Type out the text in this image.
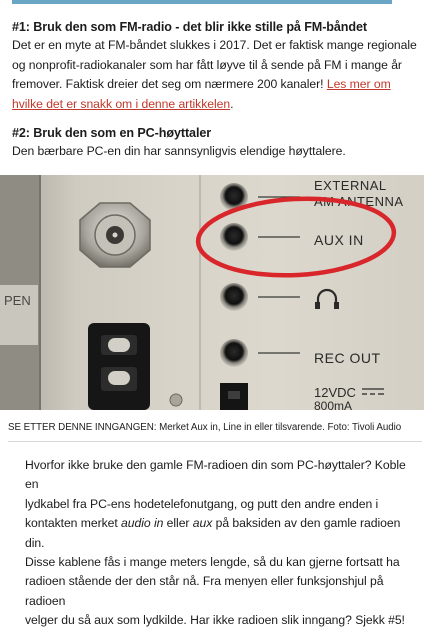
#1: Bruk den som FM-radio - det blir ikke stille på FM-båndet

Det er en myte at FM-båndet slukkes i 2017. Det er faktisk mange regionale

og nonprofit-radiokanaler som har fått løyve til å sende på FM i mange år

fremover. Faktisk dreier det seg om nærmere 200 kanaler! Les mer om

hvilke det er snakk om i denne artikkelen.

#2: Bruk den som en PC-høyttaler

Den bærbare PC-en din har sannsynligvis elendige høyttalere.

PEN
EXTERNAL
AM ANTENNA
AUX IN
REC OUT
12VDC
800mA
SE ETTER DENNE INNGANGEN: Merket Aux in, Line in eller tilsvarende. Foto: Tivoli Audio

Hvorfor ikke bruke den gamle FM-radioen din som PC-høyttaler? Koble en

lydkabel fra PC-ens hodetelefonutgang, og putt den andre enden i

kontakten merket audio in eller aux på baksiden av den gamle radioen din.

Disse kablene fås i mange meters lengde, så du kan gjerne fortsatt ha

radioen stående der den står nå. Fra menyen eller funksjonshjul på radioen

velger du så aux som lydkilde. Har ikke radioen slik inngang? Sjekk #5!
